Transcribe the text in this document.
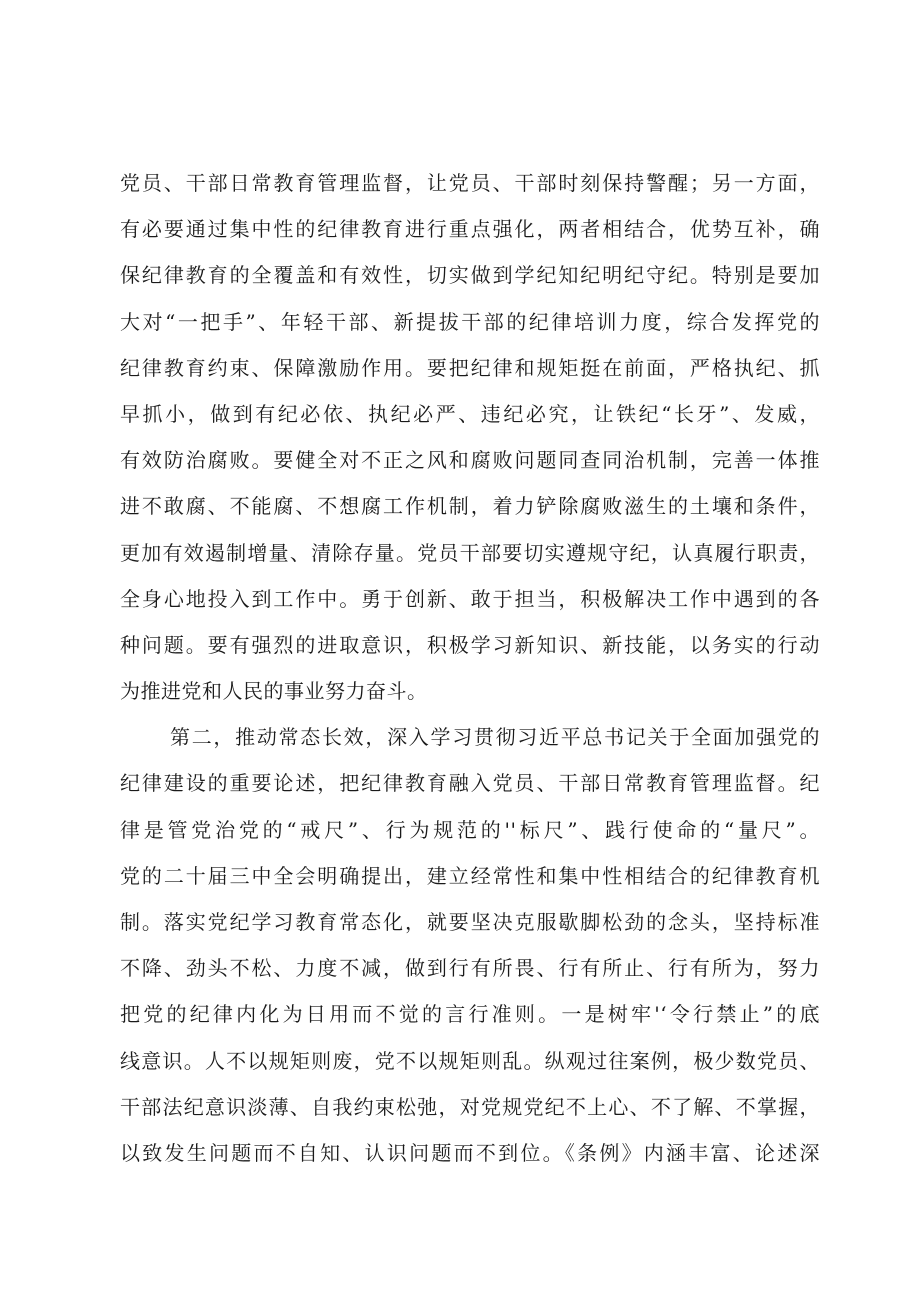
党员、干部日常教育管理监督，让党员、干部时刻保持警醒；另一方面，
有必要通过集中性的纪律教育进行重点强化，两者相结合，优势互补，确
保纪律教育的全覆盖和有效性，切实做到学纪知纪明纪守纪。特别是要加
大对“一把手”、年轻干部、新提拔干部的纪律培训力度，综合发挥党的
纪律教育约束、保障激励作用。要把纪律和规矩挺在前面，严格执纪、抓
早抓小，做到有纪必依、执纪必严、违纪必究，让铁纪“长牙”、发威，
有效防治腐败。要健全对不正之风和腐败问题同查同治机制，完善一体推
进不敢腐、不能腐、不想腐工作机制，着力铲除腐败滋生的土壤和条件，
更加有效遏制增量、清除存量。党员干部要切实遵规守纪，认真履行职责，
全身心地投入到工作中。勇于创新、敢于担当，积极解决工作中遇到的各
种问题。要有强烈的进取意识，积极学习新知识、新技能，以务实的行动
为推进党和人民的事业努力奋斗。
第二，推动常态长效，深入学习贯彻习近平总书记关于全面加强党的
纪律建设的重要论述，把纪律教育融入党员、干部日常教育管理监督。纪
律是管党治党的“戒尺”、行为规范的''标尺”、践行使命的“量尺”。
党的二十届三中全会明确提出，建立经常性和集中性相结合的纪律教育机
制。落实党纪学习教育常态化，就要坚决克服歇脚松劲的念头，坚持标准
不降、劲头不松、力度不减，做到行有所畏、行有所止、行有所为，努力
把党的纪律内化为日用而不觉的言行准则。一是树牢'‘令行禁止”的底
线意识。人不以规矩则废，党不以规矩则乱。纵观过往案例，极少数党员、
干部法纪意识淡薄、自我约束松弛，对党规党纪不上心、不了解、不掌握，
以致发生问题而不自知、认识问题而不到位。《条例》内涵丰富、论述深
